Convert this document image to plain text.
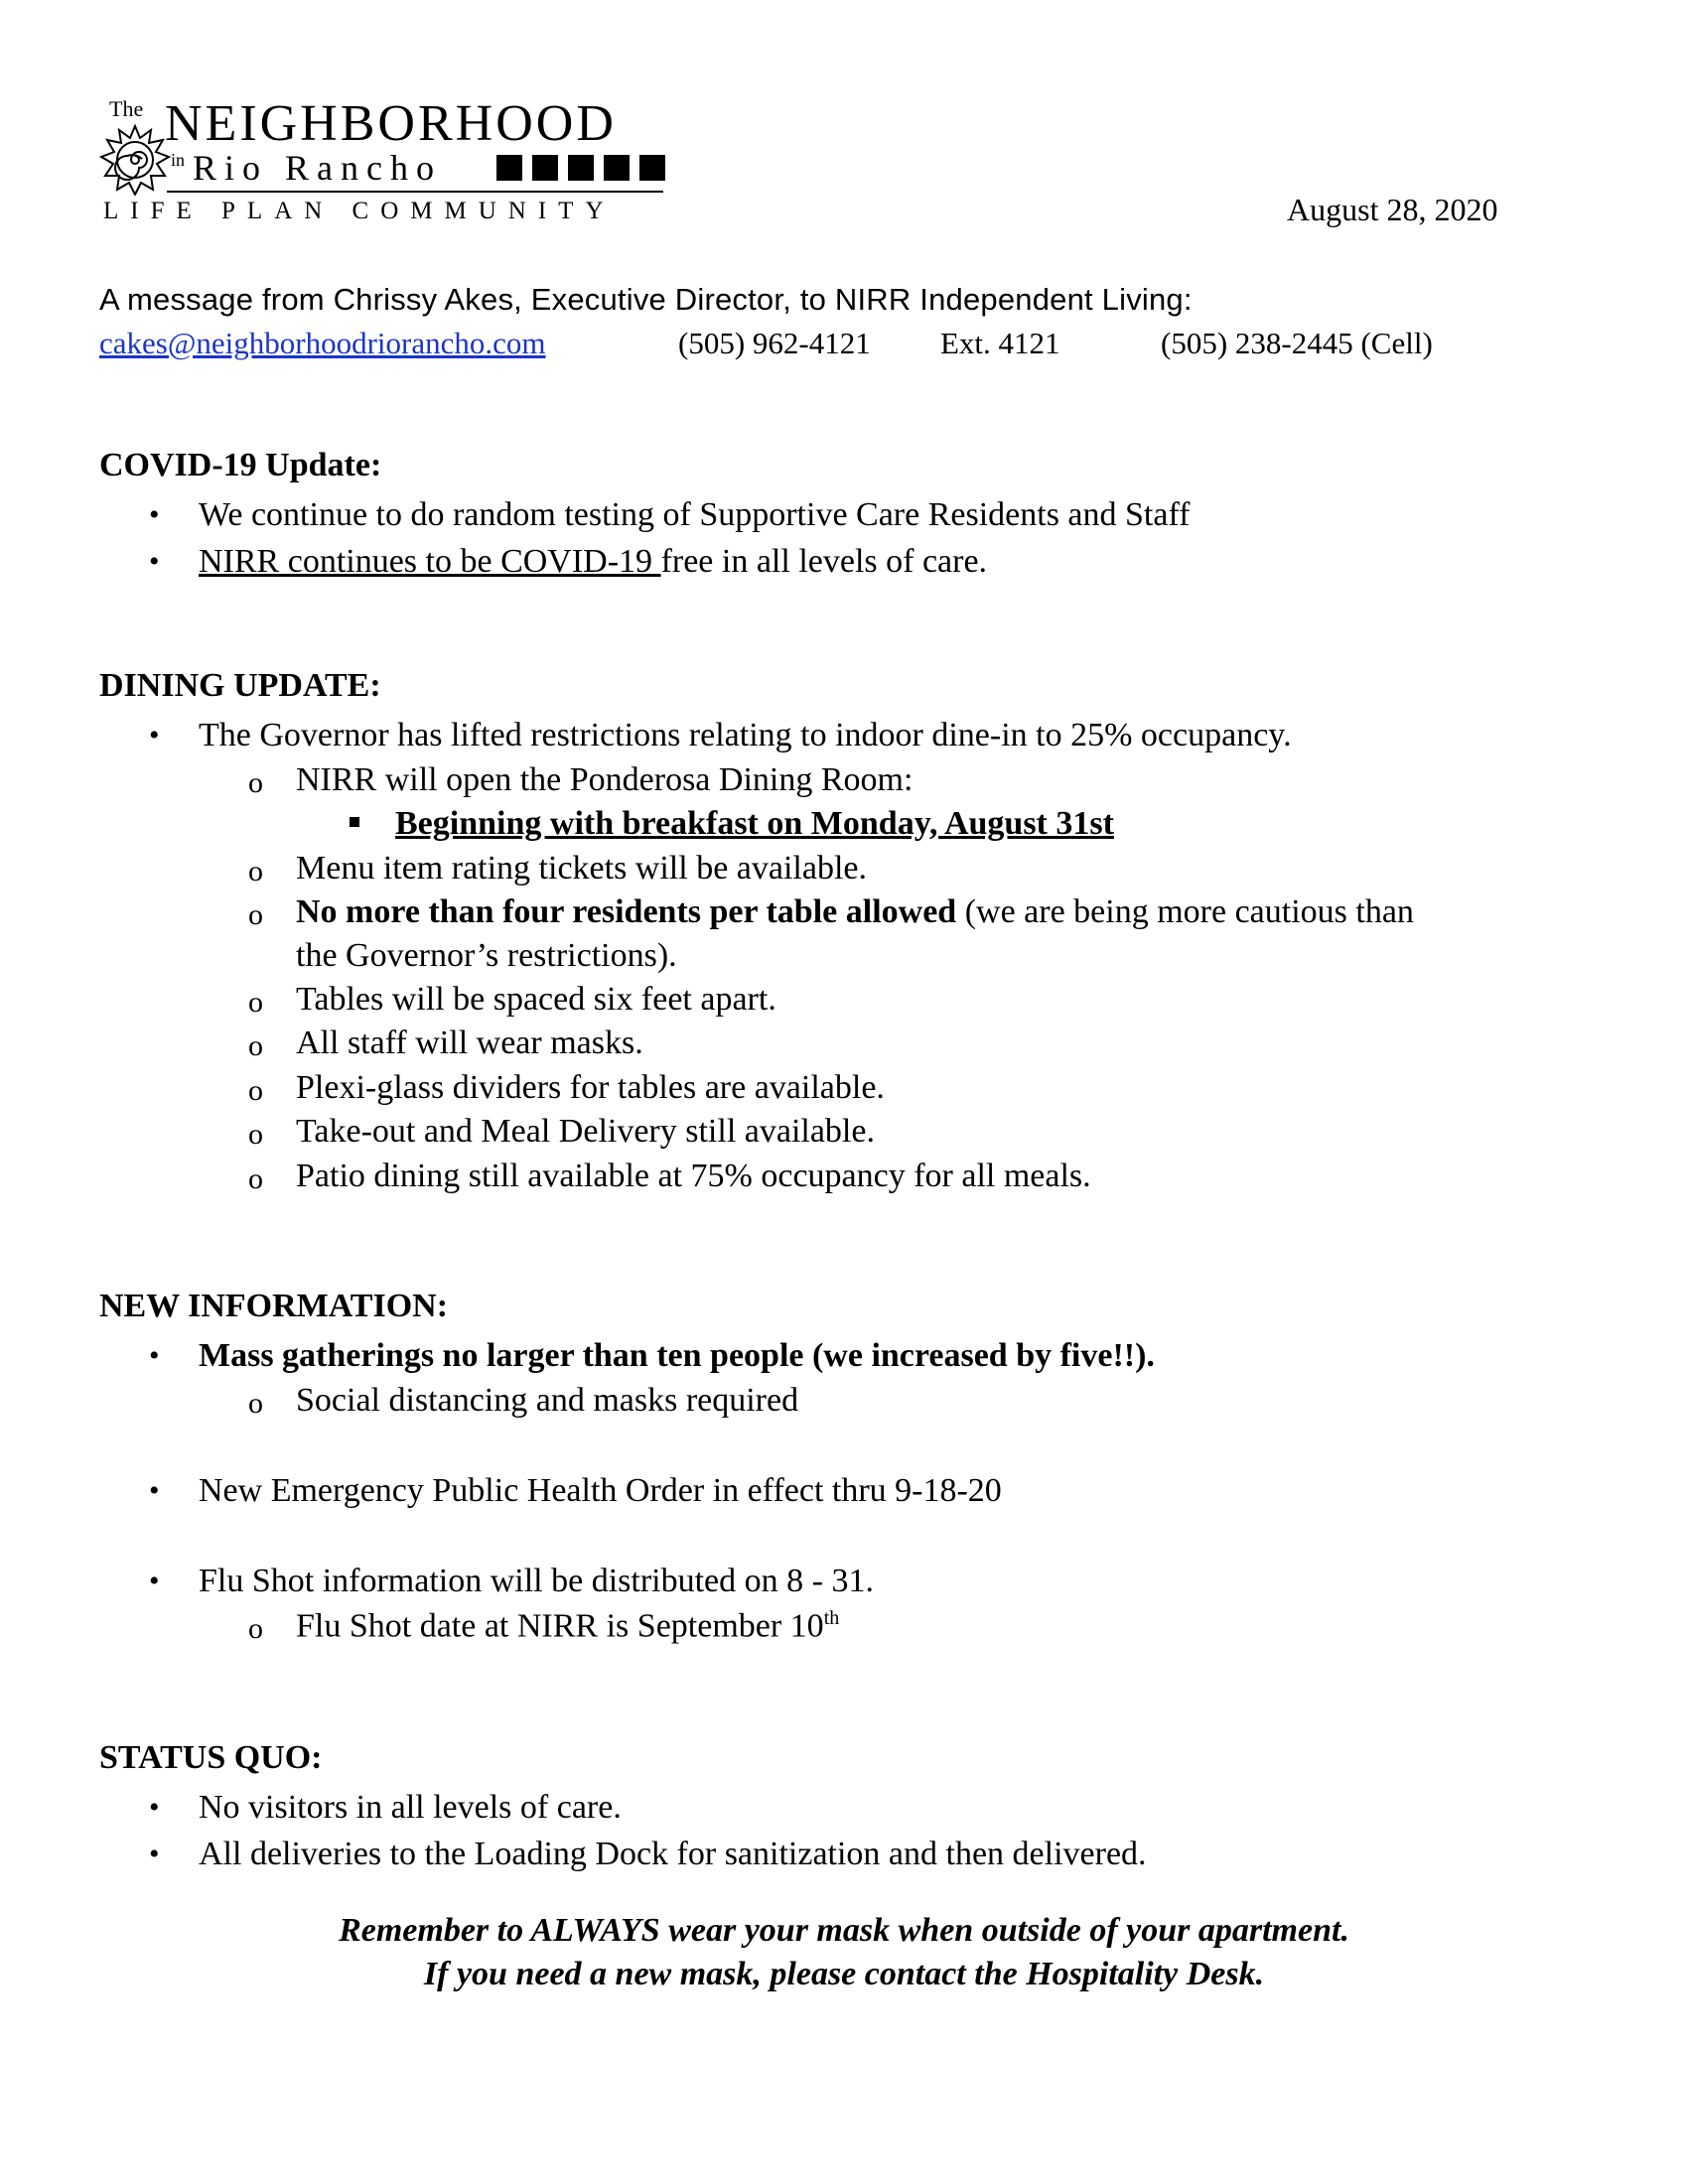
The NEIGHBORHOOD
in Rio Rancho
LIFE PLAN COMMUNITY	August 28, 2020
A message from Chrissy Akes, Executive Director, to NIRR Independent Living:
cakes@neighborhoodriorancho.com	(505) 962-4121 Ext. 4121	(505) 238-2445 (Cell)
COVID-19 Update:
• We continue to do random testing of Supportive Care Residents and Staff
• NIRR continues to be COVID-19 free in all levels of care.
DINING UPDATE:
• The Governor has lifted restrictions relating to indoor dine-in to 25% occupancy.
o NIRR will open the Ponderosa Dining Room:
Beginning with breakfast on Monday, August 31st
o Menu item rating tickets will be available.
o No more than four residents per table allowed (we are being more cautious than
the Governor’s restrictions).
o Tables will be spaced six feet apart.
o All staff will wear masks.
o Plexi-glass dividers for tables are available.
o Take-out and Meal Delivery still available.
o Patio dining still available at 75% occupancy for all meals.
NEW INFORMATION:
• Mass gatherings no larger than ten people (we increased by five!!).
o Social distancing and masks required
• New Emergency Public Health Order in effect thru 9-18-20
• Flu Shot information will be distributed on 8 - 31.
o Flu Shot date at NIRR is September 10th
STATUS QUO:
• No visitors in all levels of care.
• All deliveries to the Loading Dock for sanitization and then delivered.
Remember to ALWAYS wear your mask when outside of your apartment.
If you need a new mask, please contact the Hospitality Desk.
